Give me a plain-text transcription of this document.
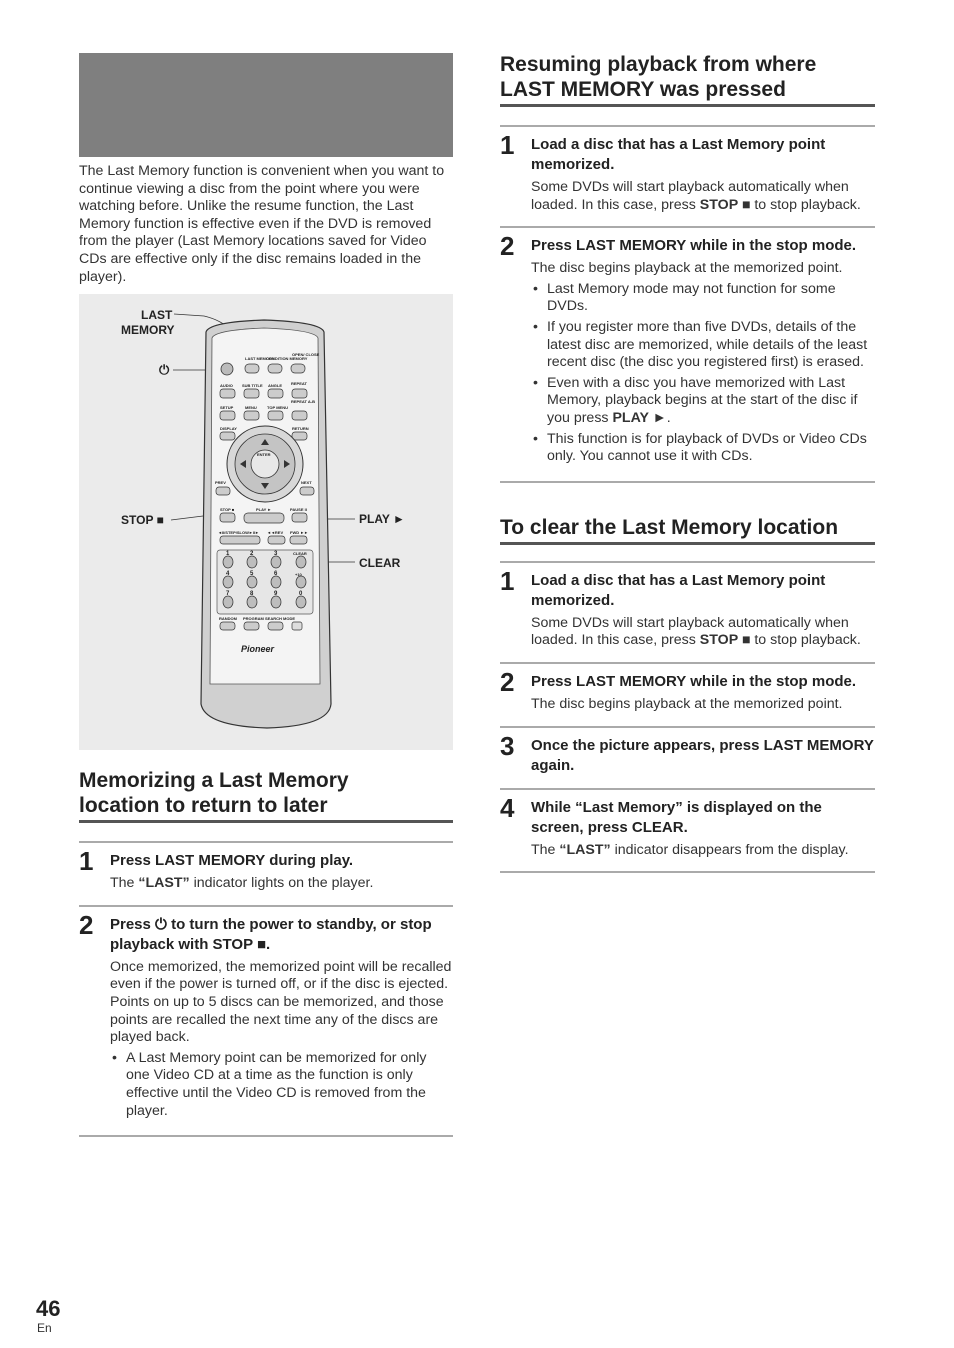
The Last Memory function is convenient when you want to continue viewing a disc from the point where you were watching before. Unlike the resume function, the Last Memory function is effective even if the DVD is removed from the player (Last Memory locations saved for Video CDs are effective only if the disc remains loaded in the player).

LAST
MEMORY
⏻
STOP ■	PLAY ►
CLEAR
LAST MEMORY
CONDITION MEMORY
OPEN/ CLOSE
AUDIO SUB TITLE ANGLE REPEAT
REPEAT A-B
SETUP	MENU	TOP MENU
DISPLAY	RETURN
ENTER
PREV	NEXT
STOP ■	PLAY ►	PAUSE II
◄II/STEP/SLOW►II► ◄◄REV FWD ►►
CLEAR
+10
RANDOM PROGRAM SEARCH MODE
1	2	3
4	5	6
7	8	9	0
Pioneer
Memorizing a Last Memory
location to return to later
1 Press LAST MEMORY during play.
The “LAST” indicator lights on the player.
2 Press ⏻ to turn the power to standby, or stop playback with STOP ■.
Once memorized, the memorized point will be recalled even if the power is turned off, or if the disc is ejected. Points on up to 5 discs can be memorized, and those points are recalled the next time any of the discs are played back.
• A Last Memory point can be memorized for only one Video CD at a time as the function is only effective until the Video CD is removed from the player.
Resuming playback from where
LAST MEMORY was pressed
1 Load a disc that has a Last Memory point memorized.
Some DVDs will start playback automatically when loaded. In this case, press STOP ■ to stop playback.
2 Press LAST MEMORY while in the stop mode.
The disc begins playback at the memorized point.
• Last Memory mode may not function for some DVDs.
• If you register more than five DVDs, details of the latest disc are memorized, while details of the least recent disc (the disc you registered first) is erased.
• Even with a disc you have memorized with Last Memory, playback begins at the start of the disc if you press PLAY ►.
• This function is for playback of DVDs or Video CDs only. You cannot use it with CDs.
To clear the Last Memory location
1 Load a disc that has a Last Memory point memorized.
Some DVDs will start playback automatically when loaded. In this case, press STOP ■ to stop playback.
2 Press LAST MEMORY while in the stop mode.
The disc begins playback at the memorized point.
3 Once the picture appears, press LAST MEMORY again.
4 While “Last Memory” is displayed on the screen, press CLEAR.
The “LAST” indicator disappears from the display.
46
En
